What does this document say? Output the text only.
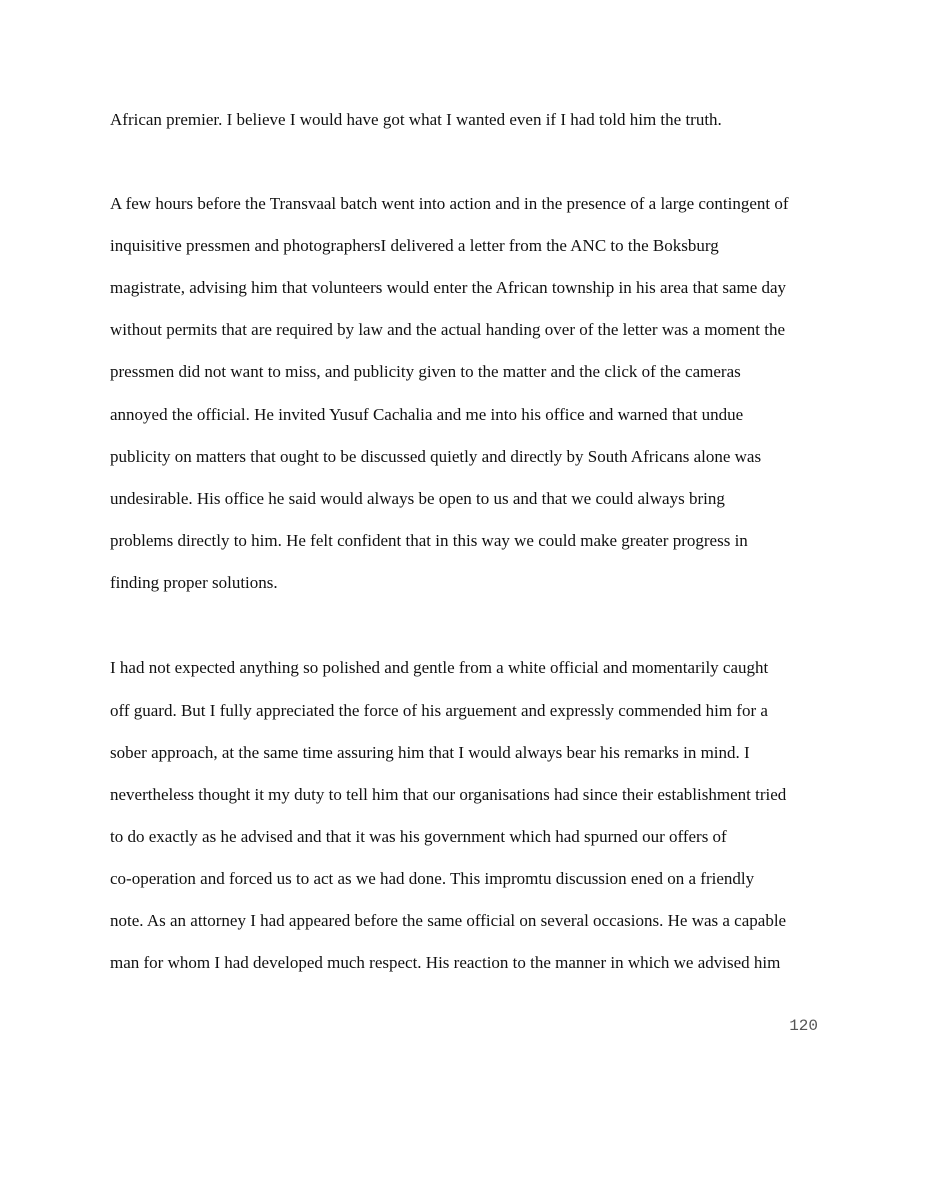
African premier. I believe I would have got what I wanted even if I had told him the truth.
A few hours before the Transvaal batch went into action and in the presence of a large contingent of
inquisitive pressmen and photographersI delivered a letter from the ANC to the Boksburg
magistrate, advising him that volunteers would enter the African township in his area that same day
without permits that are required by law and the actual handing over of the letter was a moment the
pressmen did not want to miss, and publicity given to the matter and the click of the cameras
annoyed the official. He invited Yusuf Cachalia and me into his office and warned that undue
publicity on matters that ought to be discussed quietly and directly by South Africans alone was
undesirable. His office he said would always be open to us and that we could always bring
problems directly to him. He felt confident that in this way we could make greater progress in
finding proper solutions.
I had not expected anything so polished and gentle from a white official and momentarily caught
off guard. But I fully appreciated the force of his arguement and expressly commended him for a
sober approach, at the same time assuring him that I would always bear his remarks in mind. I
nevertheless thought it my duty to tell him that our organisations had since their establishment tried
to do exactly as he advised and that it was his government which had spurned our offers of
co-operation and forced us to act as we had done. This impromtu discussion ened on a friendly
note. As an attorney I had appeared before the same official on several occasions. He was a capable
man for whom I had developed much respect. His reaction to the manner in which we advised him
120
